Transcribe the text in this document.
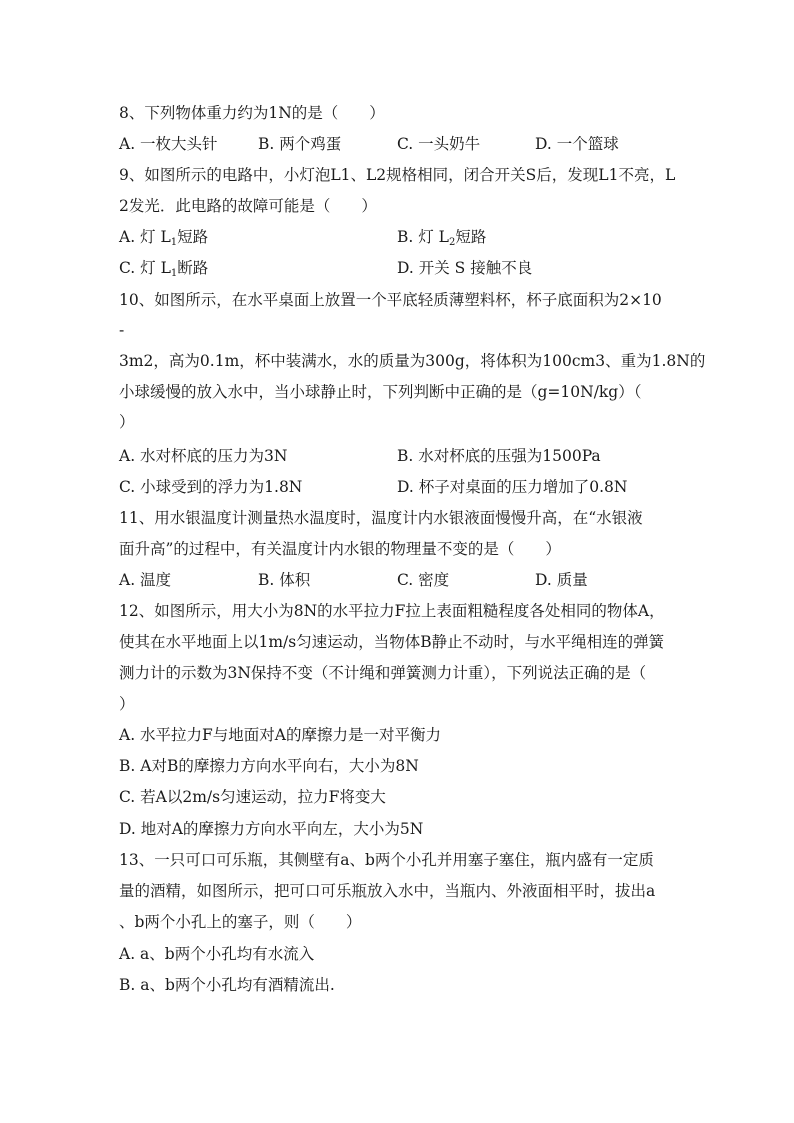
8、下列物体重力约为1N的是（　　）
A. 一枚大头针	B. 两个鸡蛋	C. 一头奶牛	D. 一个篮球
9、如图所示的电路中，小灯泡L1、L2规格相同，闭合开关S后，发现L1不亮，L
2发光．此电路的故障可能是（　　）
A. 灯 $L_1$短路	B. 灯 $L_2$短路
C. 灯 $L_1$断路	D. 开关 S 接触不良
10、如图所示，在水平桌面上放置一个平底轻质薄塑料杯，杯子底面积为2×10
-
3m2，高为0.1m，杯中装满水，水的质量为300g，将体积为100cm3、重为1.8N的
小球缓慢的放入水中，当小球静止时，下列判断中正确的是（g=10N/kg）（
）
A. 水对杯底的压力为3N	B. 水对杯底的压强为1500Pa
C. 小球受到的浮力为1.8N	D. 杯子对桌面的压力增加了0.8N
11、用水银温度计测量热水温度时，温度计内水银液面慢慢升高，在“水银液
面升高”的过程中，有关温度计内水银的物理量不变的是（　　）
A. 温度	B. 体积	C. 密度	D. 质量
12、如图所示，用大小为8N的水平拉力F拉上表面粗糙程度各处相同的物体A，
使其在水平地面上以1m/s匀速运动，当物体B静止不动时，与水平绳相连的弹簧
测力计的示数为3N保持不变（不计绳和弹簧测力计重），下列说法正确的是（
）
A. 水平拉力F与地面对A的摩擦力是一对平衡力
B. A对B的摩擦力方向水平向右，大小为8N
C. 若A以2m/s匀速运动，拉力F将变大
D. 地对A的摩擦力方向水平向左，大小为5N
13、一只可口可乐瓶，其侧壁有a、b两个小孔并用塞子塞住，瓶内盛有一定质
量的酒精，如图所示，把可口可乐瓶放入水中，当瓶内、外液面相平时，拔出a
、b两个小孔上的塞子，则（　　）
A. a、b两个小孔均有水流入
B. a、b两个小孔均有酒精流出.
